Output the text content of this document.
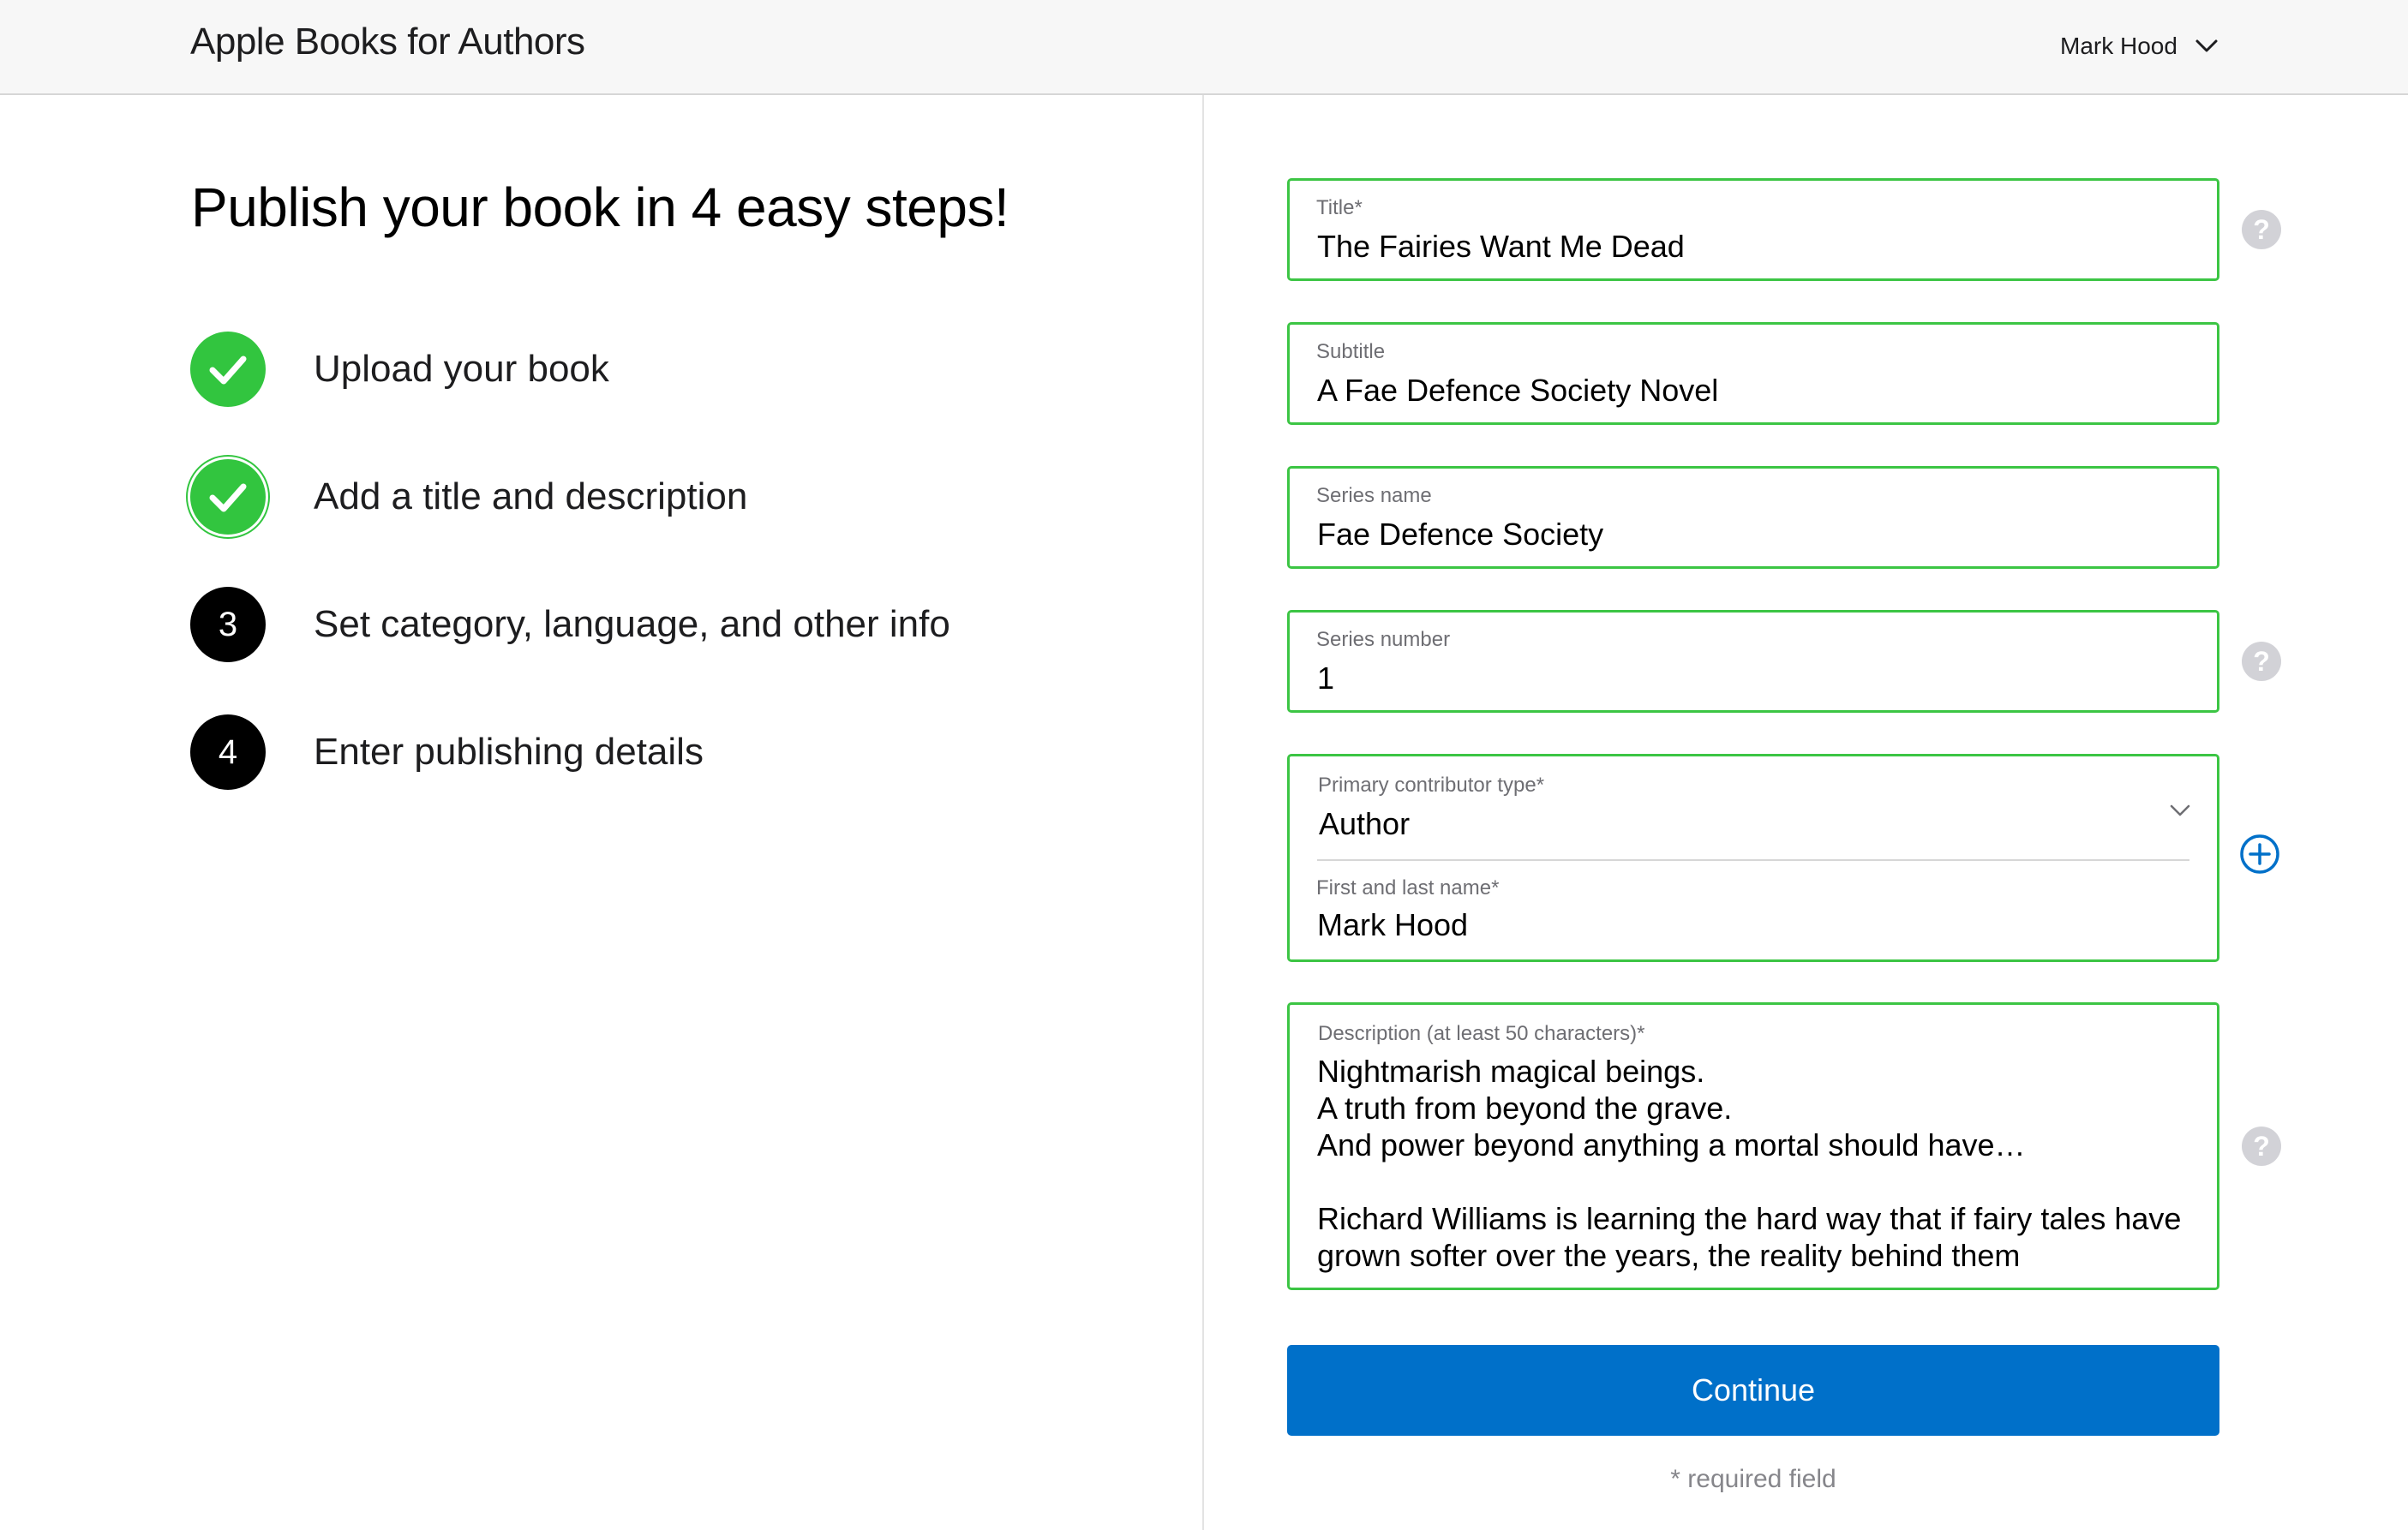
Apple Books for Authors	Mark Hood
Publish your book in 4 easy steps!
Upload your book
Add a title and description
3	Set category, language, and other info
4	Enter publishing details
Title*
The Fairies Want Me Dead	?
Subtitle
A Fae Defence Society Novel
Series name
Fae Defence Society
Series number
1	?
Primary contributor type*
Author
First and last name*
Mark Hood
Description (at least 50 characters)*
Nightmarish magical beings.
A truth from beyond the grave.
And power beyond anything a mortal should have…

Richard Williams is learning the hard way that if fairy tales have grown softer over the years, the reality behind them
?
Continue
* required field
